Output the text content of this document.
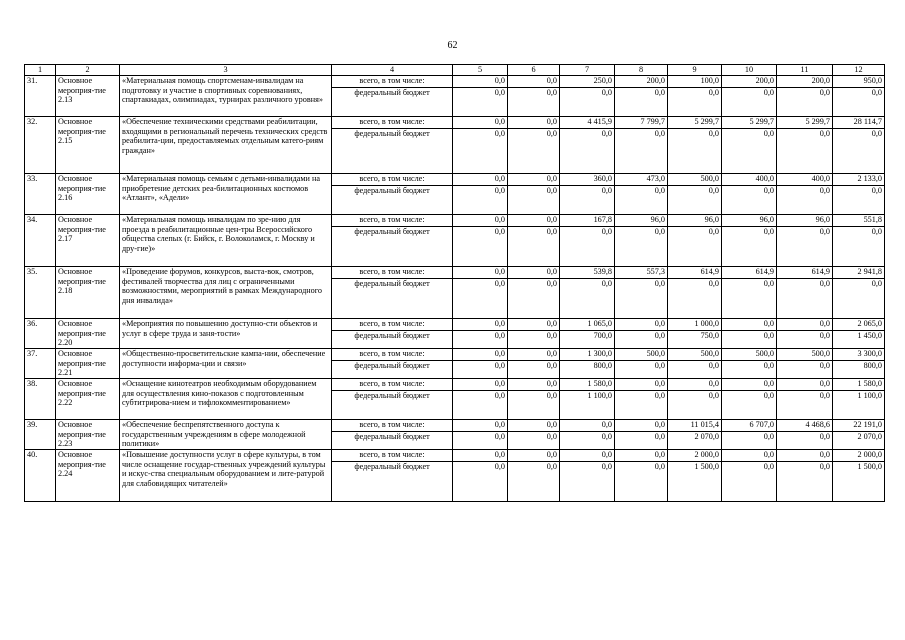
62
1	2	3	4	5	6	7	8	9	10	11	12
31.	Основное мероприя-тие 2.13	«Материальная помощь спортсменам-инвалидам на подготовку и участие в спортивных соревнованиях, спартакиадах, олимпиадах, турнирах различного уровня»	всего, в том числе:	0,0	0,0	250,0	200,0	100,0	200,0	200,0	950,0
			федеральный бюджет	0,0	0,0	0,0	0,0	0,0	0,0	0,0	0,0
32.	Основное мероприя-тие 2.15	«Обеспечение техническими средствами реабилитации, входящими в региональный перечень технических средств реабилита-ции, предоставляемых отдельным катего-риям граждан»	всего, в том числе:	0,0	0,0	4 415,9	7 799,7	5 299,7	5 299,7	5 299,7	28 114,7
			федеральный бюджет	0,0	0,0	0,0	0,0	0,0	0,0	0,0	0,0
33.	Основное мероприя-тие 2.16	«Материальная помощь семьям с детьми-инвалидами на приобретение детских реа-билитационных костюмов «Атлант», «Адели»	всего, в том числе:	0,0	0,0	360,0	473,0	500,0	400,0	400,0	2 133,0
			федеральный бюджет	0,0	0,0	0,0	0,0	0,0	0,0	0,0	0,0
34.	Основное мероприя-тие 2.17	«Материальная помощь инвалидам по зре-нию для проезда в реабилитационные цен-тры Всероссийского общества слепых (г. Бийск, г. Волоколамск, г. Москву и дру-гие)»	всего, в том числе:	0,0	0,0	167,8	96,0	96,0	96,0	96,0	551,8
			федеральный бюджет	0,0	0,0	0,0	0,0	0,0	0,0	0,0	0,0
35.	Основное мероприя-тие 2.18	«Проведение форумов, конкурсов, выста-вок, смотров, фестивалей творчества для лиц с ограниченными возможностями, мероприятий в рамках Международного дня инвалида»	всего, в том числе:	0,0	0,0	539,8	557,3	614,9	614,9	614,9	2 941,8
			федеральный бюджет	0,0	0,0	0,0	0,0	0,0	0,0	0,0	0,0
36.	Основное мероприя-тие 2.20	«Мероприятия по повышению доступно-сти объектов и услуг в сфере труда и заня-тости»	всего, в том числе:	0,0	0,0	1 065,0	0,0	1 000,0	0,0	0,0	2 065,0
			федеральный бюджет	0,0	0,0	700,0	0,0	750,0	0,0	0,0	1 450,0
37.	Основное мероприя-тие 2.21	«Общественно-просветительские кампа-нии, обеспечение доступности информа-ции и связи»	всего, в том числе:	0,0	0,0	1 300,0	500,0	500,0	500,0	500,0	3 300,0
			федеральный бюджет	0,0	0,0	800,0	0,0	0,0	0,0	0,0	800,0
38.	Основное мероприя-тие 2.22	«Оснащение кинотеатров необходимым оборудованием для осуществления кино-показов с подготовленным субтитрирова-нием и тифлокомментированием»	всего, в том числе:	0,0	0,0	1 580,0	0,0	0,0	0,0	0,0	1 580,0
			федеральный бюджет	0,0	0,0	1 100,0	0,0	0,0	0,0	0,0	1 100,0
39.	Основное мероприя-тие 2.23	«Обеспечение беспрепятственного доступа к государственным учреждениям в сфере молодежной политики»	всего, в том числе:	0,0	0,0	0,0	0,0	11 015,4	6 707,0	4 468,6	22 191,0
			федеральный бюджет	0,0	0,0	0,0	0,0	2 070,0	0,0	0,0	2 070,0
40.	Основное мероприя-тие 2.24	«Повышение доступности услуг в сфере культуры, в том числе оснащение государ-ственных учреждений культуры и искус-ства специальным оборудованием и лите-ратурой для слабовидящих читателей»	всего, в том числе:	0,0	0,0	0,0	0,0	2 000,0	0,0	0,0	2 000,0
			федеральный бюджет	0,0	0,0	0,0	0,0	1 500,0	0,0	0,0	1 500,0
